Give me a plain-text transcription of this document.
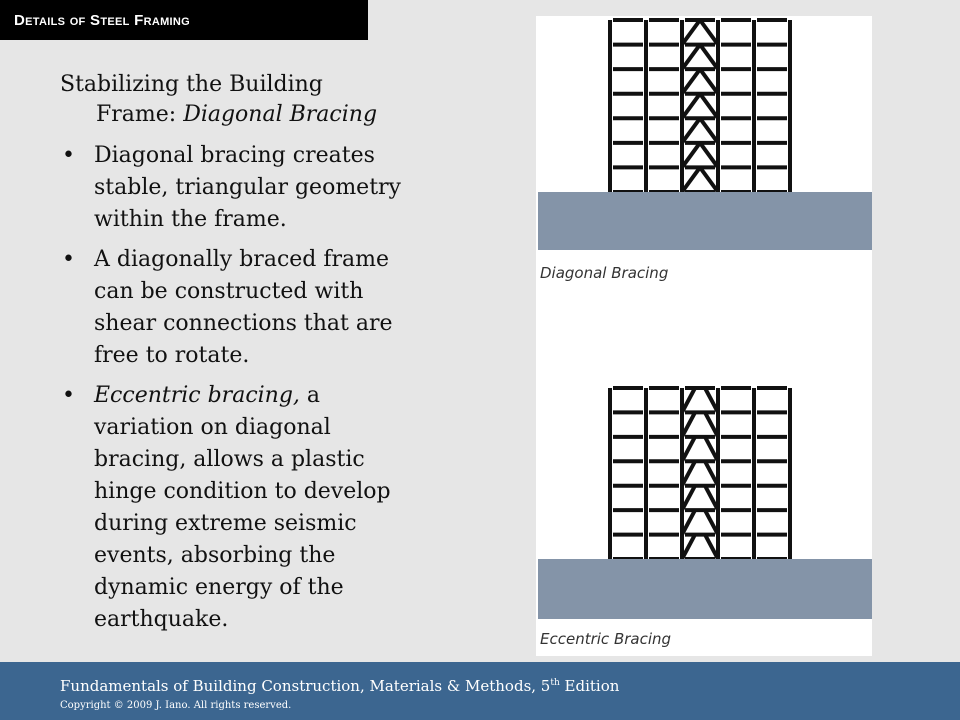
Details of Steel Framing
Stabilizing the Building
Frame: Diagonal Bracing
• Diagonal bracing creates stable, triangular geometry within the frame.
• A diagonally braced frame can be constructed with shear connections that are free to rotate.
• Eccentric bracing, a variation on diagonal bracing, allows a plastic hinge condition to develop during extreme seismic events, absorbing the dynamic energy of the earthquake.
Diagonal Bracing
Eccentric Bracing
Fundamentals of Building Construction, Materials & Methods, 5th Edition
Copyright © 2009 J. Iano. All rights reserved.
